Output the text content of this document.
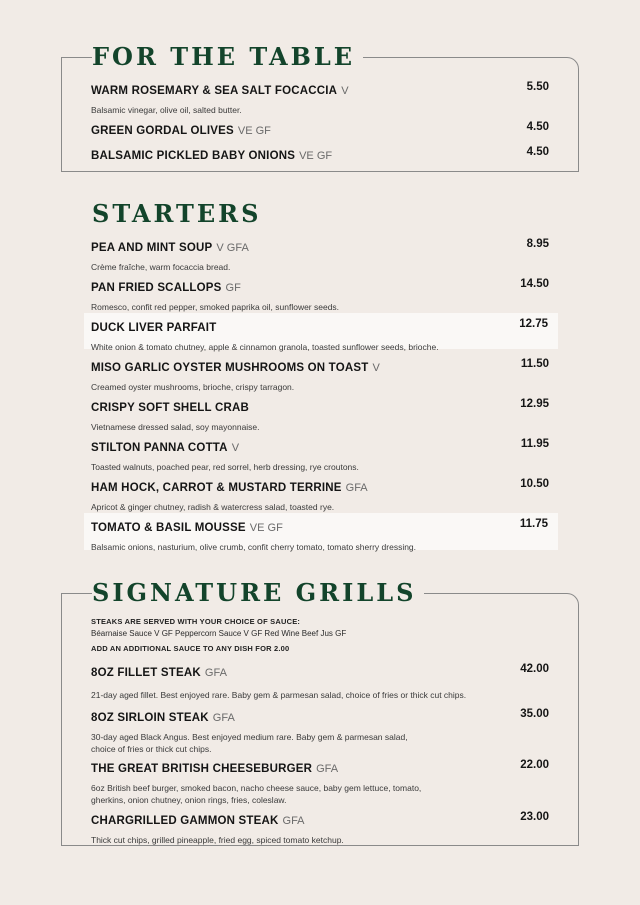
FOR THE TABLE
WARM ROSEMARY & SEA SALT FOCACCIA V	5.50
Balsamic vinegar, olive oil, salted butter.
GREEN GORDAL OLIVES VE GF	4.50
BALSAMIC PICKLED BABY ONIONS VE GF	4.50
STARTERS
PEA AND MINT SOUP V GFA	8.95
Crème fraîche, warm focaccia bread.
PAN FRIED SCALLOPS GF	14.50
Romesco, confit red pepper, smoked paprika oil, sunflower seeds.
DUCK LIVER PARFAIT	12.75
White onion & tomato chutney, apple & cinnamon granola, toasted sunflower seeds, brioche.
MISO GARLIC OYSTER MUSHROOMS ON TOAST V	11.50
Creamed oyster mushrooms, brioche, crispy tarragon.
CRISPY SOFT SHELL CRAB	12.95
Vietnamese dressed salad, soy mayonnaise.
STILTON PANNA COTTA V	11.95
Toasted walnuts, poached pear, red sorrel, herb dressing, rye croutons.
HAM HOCK, CARROT & MUSTARD TERRINE GFA	10.50
Apricot & ginger chutney, radish & watercress salad, toasted rye.
TOMATO & BASIL MOUSSE VE GF	11.75
Balsamic onions, nasturium, olive crumb, confit cherry tomato, tomato sherry dressing.
SIGNATURE GRILLS
STEAKS ARE SERVED WITH YOUR CHOICE OF SAUCE:
Béarnaise Sauce V GF Peppercorn Sauce V GF Red Wine Beef Jus GF
ADD AN ADDITIONAL SAUCE TO ANY DISH FOR 2.00
8OZ FILLET STEAK GFA	42.00
21-day aged fillet. Best enjoyed rare. Baby gem & parmesan salad, choice of fries or thick cut chips.
8OZ SIRLOIN STEAK GFA	35.00
30-day aged Black Angus. Best enjoyed medium rare. Baby gem & parmesan salad,
choice of fries or thick cut chips.
THE GREAT BRITISH CHEESEBURGER GFA	22.00
6oz British beef burger, smoked bacon, nacho cheese sauce, baby gem lettuce, tomato,
gherkins, onion chutney, onion rings, fries, coleslaw.
CHARGRILLED GAMMON STEAK GFA	23.00
Thick cut chips, grilled pineapple, fried egg, spiced tomato ketchup.
